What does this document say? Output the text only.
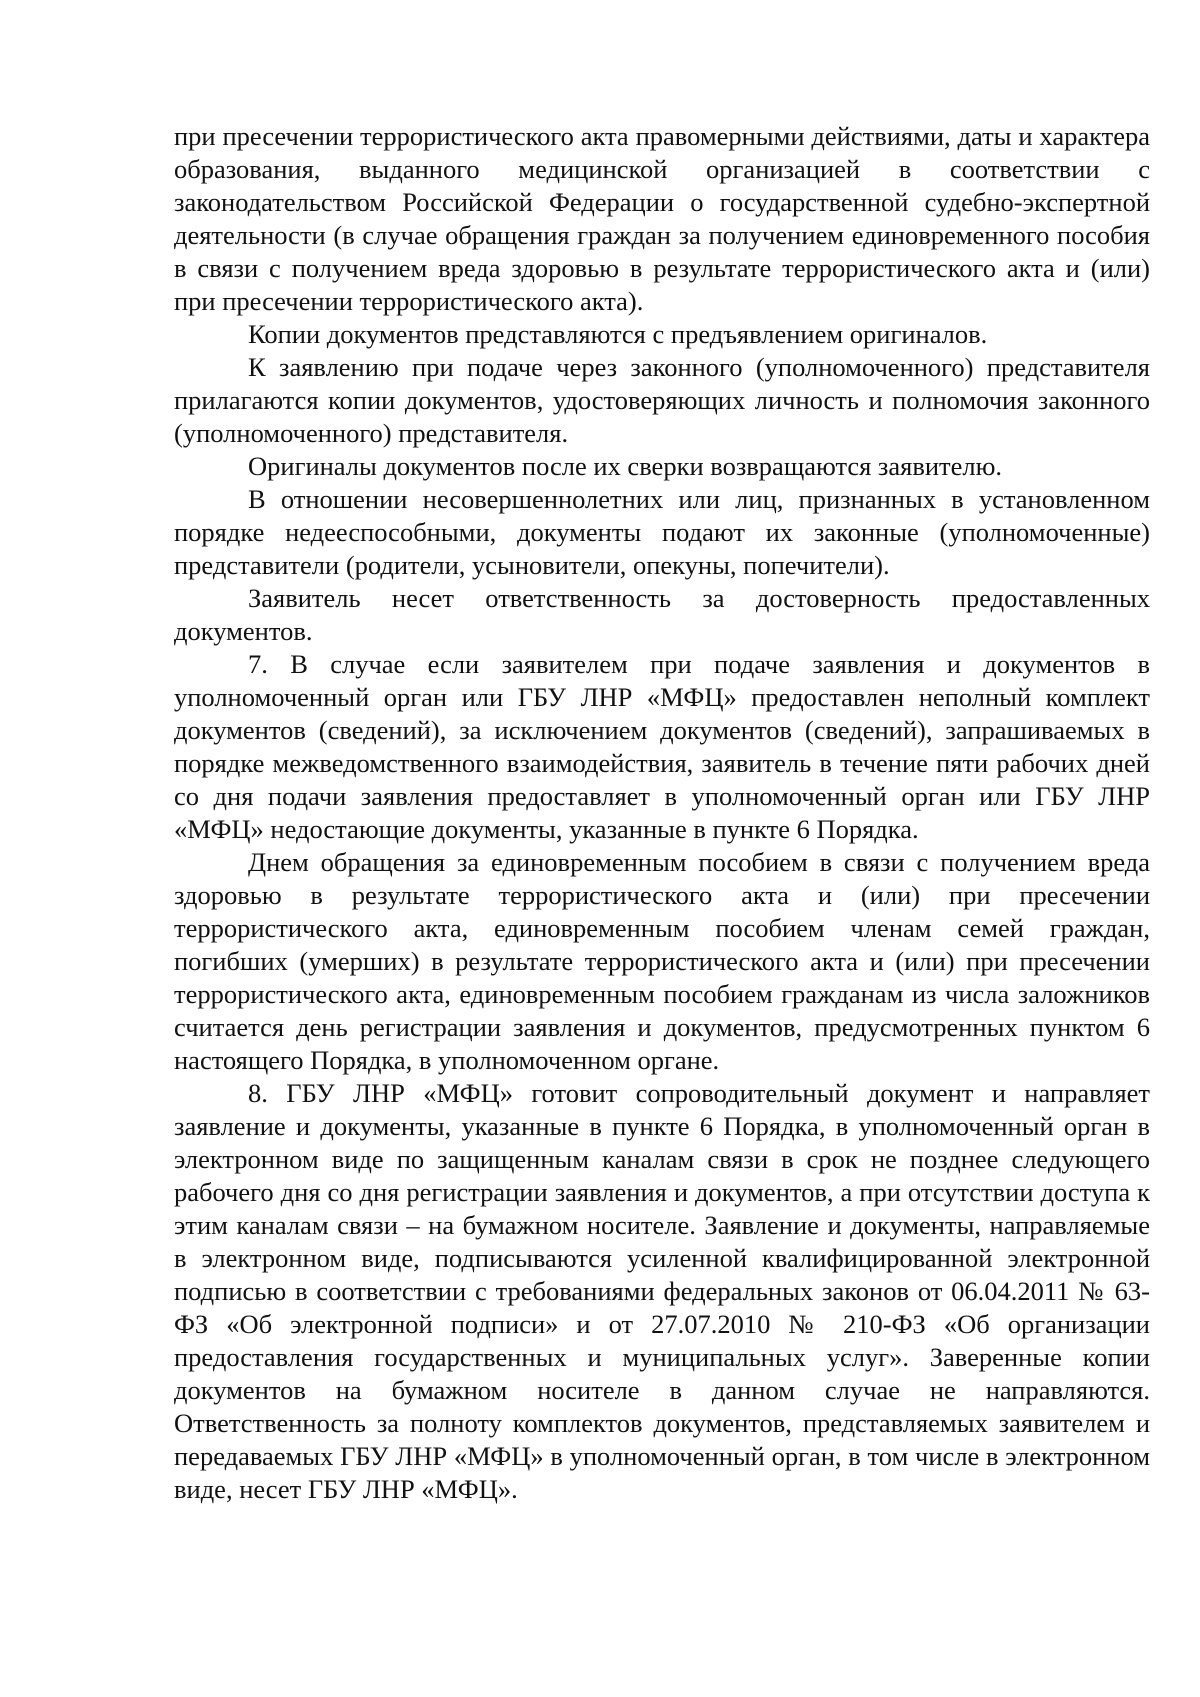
при пресечении террористического акта правомерными действиями, даты и характера образования, выданного медицинской организацией в соответствии с законодательством Российской Федерации о государственной судебно-экспертной деятельности (в случае обращения граждан за получением единовременного пособия в связи с получением вреда здоровью в результате террористического акта и (или) при пресечении террористического акта).

Копии документов представляются с предъявлением оригиналов.

К заявлению при подаче через законного (уполномоченного) представителя прилагаются копии документов, удостоверяющих личность и полномочия законного (уполномоченного) представителя.

Оригиналы документов после их сверки возвращаются заявителю.

В отношении несовершеннолетних или лиц, признанных в установленном порядке недееспособными, документы подают их законные (уполномоченные) представители (родители, усыновители, опекуны, попечители).

Заявитель несет ответственность за достоверность предоставленных документов.

7. В случае если заявителем при подаче заявления и документов в уполномоченный орган или ГБУ ЛНР «МФЦ» предоставлен неполный комплект документов (сведений), за исключением документов (сведений), запрашиваемых в порядке межведомственного взаимодействия, заявитель в течение пяти рабочих дней со дня подачи заявления предоставляет в уполномоченный орган или ГБУ ЛНР «МФЦ» недостающие документы, указанные в пункте 6 Порядка.

Днем обращения за единовременным пособием в связи с получением вреда здоровью в результате террористического акта и (или) при пресечении террористического акта, единовременным пособием членам семей граждан, погибших (умерших) в результате террористического акта и (или) при пресечении террористического акта, единовременным пособием гражданам из числа заложников считается день регистрации заявления и документов, предусмотренных пунктом 6 настоящего Порядка, в уполномоченном органе.

8. ГБУ ЛНР «МФЦ» готовит сопроводительный документ и направляет заявление и документы, указанные в пункте 6 Порядка, в уполномоченный орган в электронном виде по защищенным каналам связи в срок не позднее следующего рабочего дня со дня регистрации заявления и документов, а при отсутствии доступа к этим каналам связи – на бумажном носителе. Заявление и документы, направляемые в электронном виде, подписываются усиленной квалифицированной электронной подписью в соответствии с требованиями федеральных законов от 06.04.2011 № 63-ФЗ «Об электронной подписи» и от 27.07.2010 № 210-ФЗ «Об организации предоставления государственных и муниципальных услуг». Заверенные копии документов на бумажном носителе в данном случае не направляются. Ответственность за полноту комплектов документов, представляемых заявителем и передаваемых ГБУ ЛНР «МФЦ» в уполномоченный орган, в том числе в электронном виде, несет ГБУ ЛНР «МФЦ».
